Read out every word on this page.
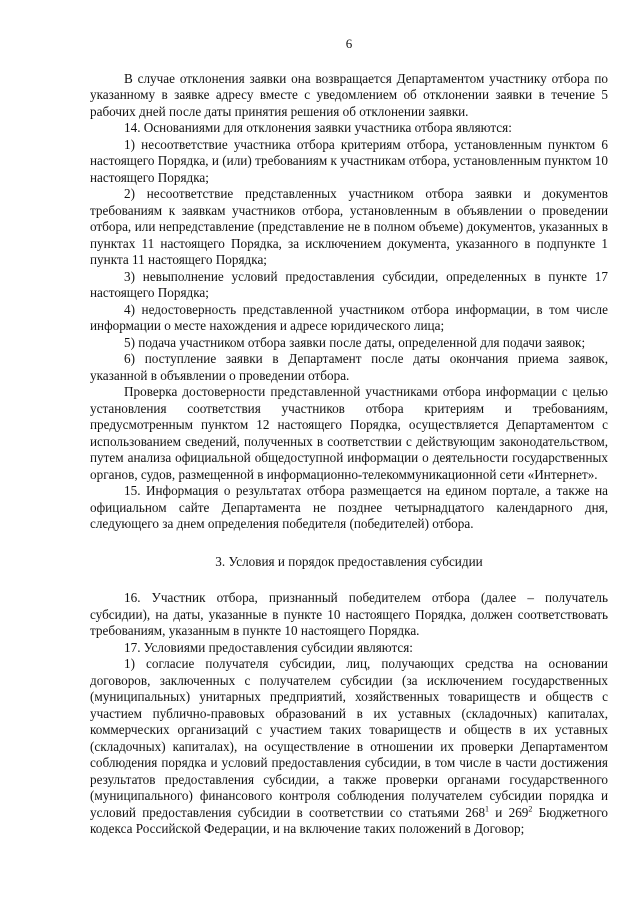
6

В случае отклонения заявки она возвращается Департаментом участнику отбора по указанному в заявке адресу вместе с уведомлением об отклонении заявки в течение 5 рабочих дней после даты принятия решения об отклонении заявки.

14. Основаниями для отклонения заявки участника отбора являются:

1) несоответствие участника отбора критериям отбора, установленным пунктом 6 настоящего Порядка, и (или) требованиям к участникам отбора, установленным пунктом 10 настоящего Порядка;

2) несоответствие представленных участником отбора заявки и документов требованиям к заявкам участников отбора, установленным в объявлении о проведении отбора, или непредставление (представление не в полном объеме) документов, указанных в пунктах 11 настоящего Порядка, за исключением документа, указанного в подпункте 1 пункта 11 настоящего Порядка;

3) невыполнение условий предоставления субсидии, определенных в пункте 17 настоящего Порядка;

4) недостоверность представленной участником отбора информации, в том числе информации о месте нахождения и адресе юридического лица;

5) подача участником отбора заявки после даты, определенной для подачи заявок;

6) поступление заявки в Департамент после даты окончания приема заявок, указанной в объявлении о проведении отбора.

Проверка достоверности представленной участниками отбора информации с целью установления соответствия участников отбора критериям и требованиям, предусмотренным пунктом 12 настоящего Порядка, осуществляется Департаментом с использованием сведений, полученных в соответствии с действующим законодательством, путем анализа официальной общедоступной информации о деятельности государственных органов, судов, размещенной в информационно-телекоммуникационной сети «Интернет».

15. Информация о результатах отбора размещается на едином портале, а также на официальном сайте Департамента не позднее четырнадцатого календарного дня, следующего за днем определения победителя (победителей) отбора.

3. Условия и порядок предоставления субсидии

16. Участник отбора, признанный победителем отбора (далее – получатель субсидии), на даты, указанные в пункте 10 настоящего Порядка, должен соответствовать требованиям, указанным в пункте 10 настоящего Порядка.

17. Условиями предоставления субсидии являются:

1) согласие получателя субсидии, лиц, получающих средства на основании договоров, заключенных с получателем субсидии (за исключением государственных (муниципальных) унитарных предприятий, хозяйственных товариществ и обществ с участием публично-правовых образований в их уставных (складочных) капиталах, коммерческих организаций с участием таких товариществ и обществ в их уставных (складочных) капиталах), на осуществление в отношении их проверки Департаментом соблюдения порядка и условий предоставления субсидии, в том числе в части достижения результатов предоставления субсидии, а также проверки органами государственного (муниципального) финансового контроля соблюдения получателем субсидии порядка и условий предоставления субсидии в соответствии со статьями $268^1$ и $269^2$ Бюджетного кодекса Российской Федерации, и на включение таких положений в Договор;
